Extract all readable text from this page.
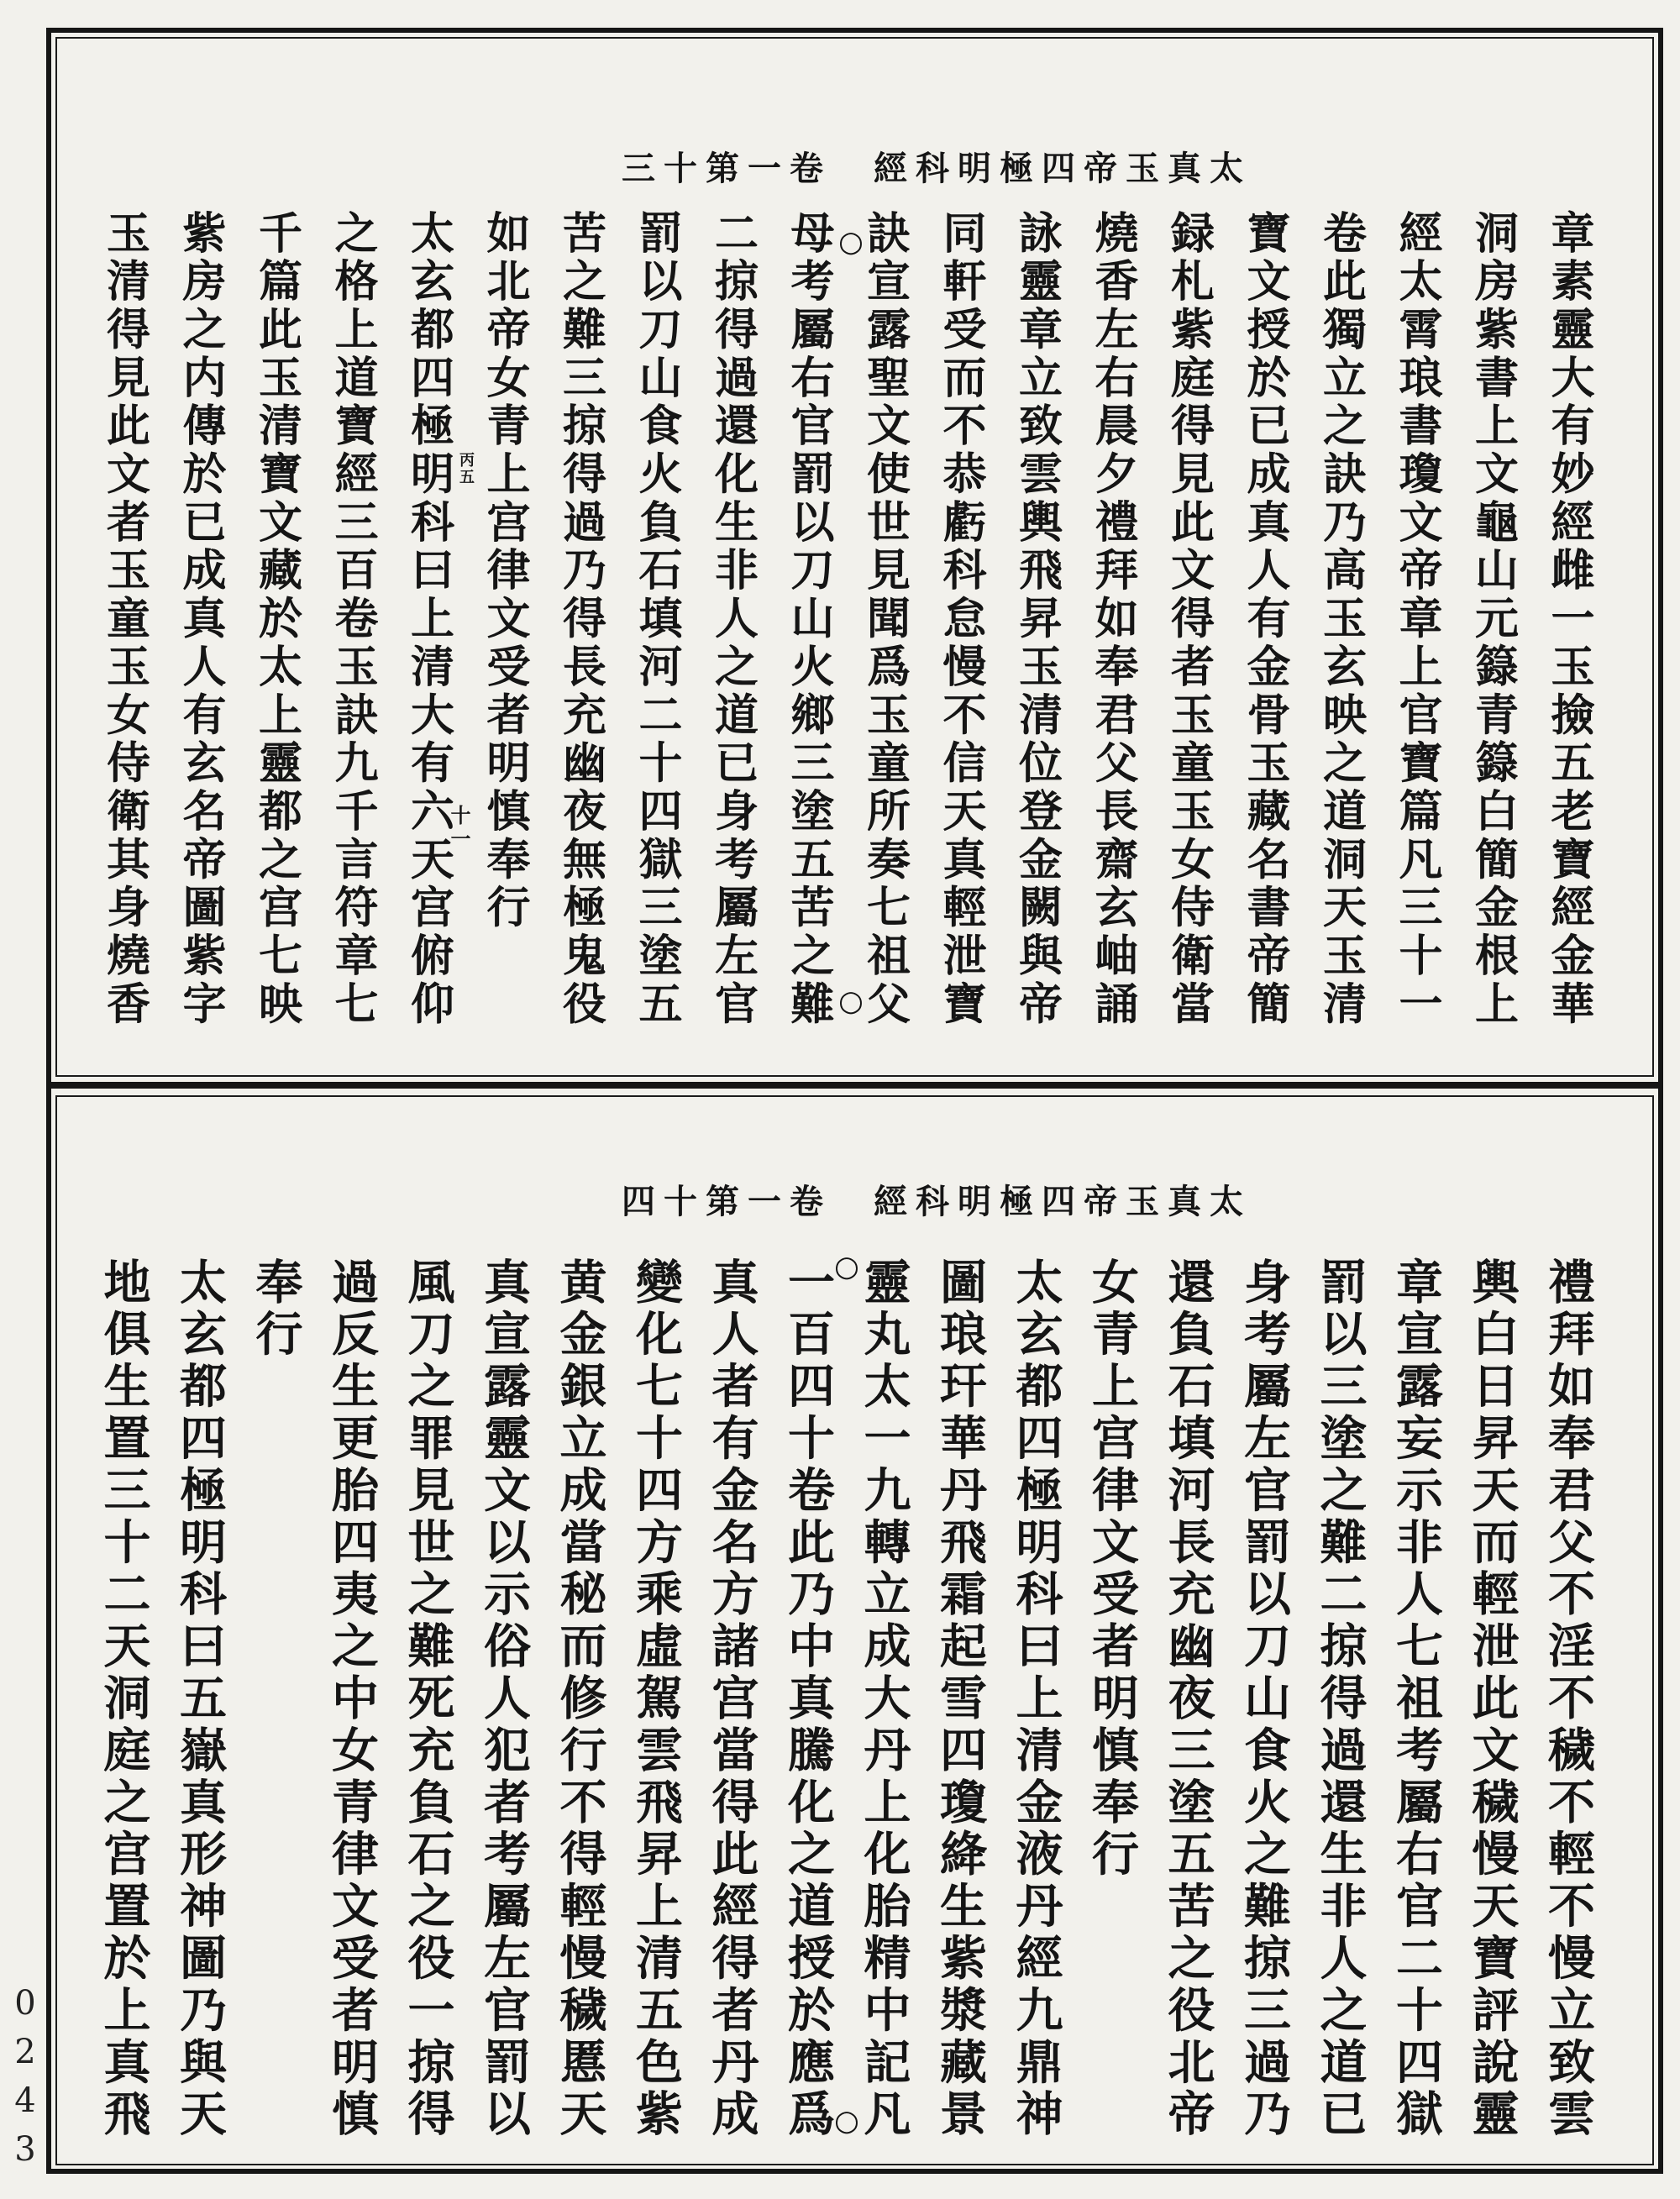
太真玉帝四極明科經　卷一第十三
章素靈大有妙經雌一玉撿五老寶經金華
洞房紫書上文龜山元籙青籙白簡金根上
經太霄琅書瓊文帝章上官寶篇凡三十一
卷此獨立之訣乃高玉玄映之道洞天玉清
寶文授於已成真人有金骨玉藏名書帝簡
録札紫庭得見此文得者玉童玉女侍衛當
燒香左右晨夕禮拜如奉君父長齋玄岫誦
詠靈章立致雲輿飛昇玉清位登金闕與帝
同軒受而不恭虧科怠慢不信天真輕泄寶
訣宣露聖文使世見聞爲玉童所奏七祖父
母考屬右官罰以刀山火鄉三塗五苦之難
二掠得過還化生非人之道已身考屬左官
罰以刀山食火負石填河二十四獄三塗五
苦之難三掠得過乃得長充幽夜無極鬼役
如北帝女青上宫律文受者明慎奉行
太玄都四極明科曰上清大有六天宫俯仰
之格上道寶經三百卷玉訣九千言符章七
千篇此玉清寶文藏於太上靈都之宫七映
紫房之内傳於已成真人有玄名帝圖紫字
玉清得見此文者玉童玉女侍衛其身燒香	○
○
丙五
十一
太真玉帝四極明科經　卷一第十四
禮拜如奉君父不淫不穢不輕不慢立致雲
輿白日昇天而輕泄此文穢慢天寶評說靈
章宣露妄示非人七祖考屬右官二十四獄
罰以三塗之難二掠得過還生非人之道已
身考屬左官罰以刀山食火之難掠三過乃
還負石填河長充幽夜三塗五苦之役北帝
女青上宫律文受者明慎奉行
太玄都四極明科曰上清金液丹經九鼎神
圖琅玕華丹飛霜起雪四瓊絳生紫漿藏景
靈丸太一九轉立成大丹上化胎精中記凡
一百四十卷此乃中真騰化之道授於應爲
真人者有金名方諸宫當得此經得者丹成
變化七十四方乘虛駕雲飛昇上清五色紫
黄金銀立成當秘而修行不得輕慢穢慝天
真宣露靈文以示俗人犯者考屬左官罰以
風刀之罪見世之難死充負石之役一掠得
過反生更胎四夷之中女青律文受者明慎
奉行
太玄都四極明科曰五嶽真形神圖乃與天
地俱生置三十二天洞庭之宫置於上真飛	○
○
0243
